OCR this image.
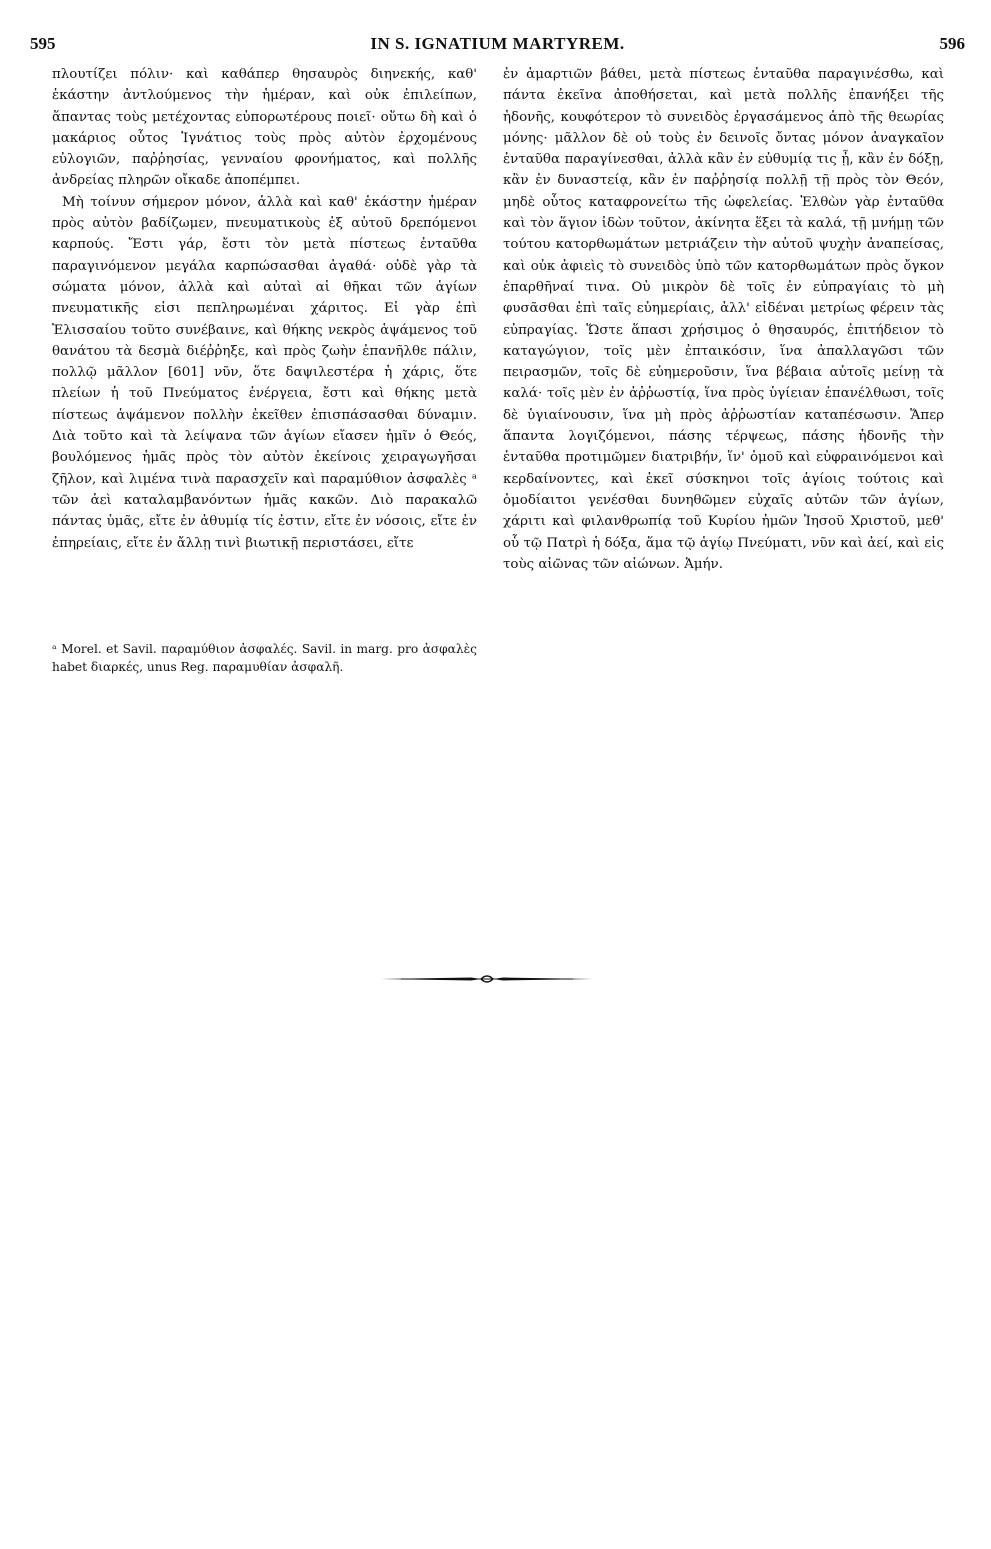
595	IN S. IGNATIUM MARTYREM.	596

πλουτίζει πόλιν· καὶ καθάπερ θησαυρὸς διηνεκής, καθ' ἑκάστην ἀντλούμενος τὴν ἡμέραν, καὶ οὐκ ἐπιλείπων, ἅπαντας τοὺς μετέχοντας εὐπορωτέρους ποιεῖ· οὕτω δὴ καὶ ὁ μακάριος οὗτος Ἰγνάτιος τοὺς πρὸς αὐτὸν ἐρχομένους εὐλογιῶν, παῤῥησίας, γενναίου φρονήματος, καὶ πολλῆς ἀνδρείας πληρῶν οἴκαδε ἀποπέμπει.

Μὴ τοίνυν σήμερον μόνον, ἀλλὰ καὶ καθ' ἑκάστην ἡμέραν πρὸς αὐτὸν βαδίζωμεν, πνευματικοὺς ἐξ αὐτοῦ δρεπόμενοι καρπούς. Ἔστι γάρ, ἔστι τὸν μετὰ πίστεως ἐνταῦθα παραγινόμενον μεγάλα καρπώσασθαι ἀγαθά· οὐδὲ γὰρ τὰ σώματα μόνον, ἀλλὰ καὶ αὐταὶ αἱ θῆκαι τῶν ἁγίων πνευματικῆς εἰσι πεπληρωμέναι χάριτος. Εἰ γὰρ ἐπὶ Ἐλισσαίου τοῦτο συνέβαινε, καὶ θήκης νεκρὸς ἁψάμενος τοῦ θανάτου τὰ δεσμὰ διέῤῥηξε, καὶ πρὸς ζωὴν ἐπανῆλθε πάλιν, πολλῷ μᾶλλον [601] νῦν, ὅτε δαψιλεστέρα ἡ χάρις, ὅτε πλείων ἡ τοῦ Πνεύματος ἐνέργεια, ἔστι καὶ θήκης μετὰ πίστεως ἁψάμενον πολλὴν ἐκεῖθεν ἐπισπάσασθαι δύναμιν. Διὰ τοῦτο καὶ τὰ λείψανα τῶν ἁγίων εἴασεν ἡμῖν ὁ Θεός, βουλόμενος ἡμᾶς πρὸς τὸν αὐτὸν ἐκείνοις χειραγωγῆσαι ζῆλον, καὶ λιμένα τινὰ παρασχεῖν καὶ παραμύθιον ἀσφαλὲς ᵃ τῶν ἀεὶ καταλαμβανόντων ἡμᾶς κακῶν. Διὸ παρακαλῶ πάντας ὑμᾶς, εἴτε ἐν ἀθυμίᾳ τίς ἐστιν, εἴτε ἐν νόσοις, εἴτε ἐν ἐπηρείαις, εἴτε ἐν ἄλλῃ τινὶ βιωτικῇ περιστάσει, εἴτε

ᵃ Morel. et Savil. παραμύθιον ἀσφαλές. Savil. in marg. pro ἀσφαλὲς habet διαρκές, unus Reg. παραμυθίαν ἀσφαλῆ.

ἐν ἁμαρτιῶν βάθει, μετὰ πίστεως ἐνταῦθα παραγινέσθω, καὶ πάντα ἐκεῖνα ἀποθήσεται, καὶ μετὰ πολλῆς ἐπανήξει τῆς ἡδονῆς, κουφότερον τὸ συνειδὸς ἐργασάμενος ἀπὸ τῆς θεωρίας μόνης· μᾶλλον δὲ οὐ τοὺς ἐν δεινοῖς ὄντας μόνον ἀναγκαῖον ἐνταῦθα παραγίνεσθαι, ἀλλὰ κἂν ἐν εὐθυμίᾳ τις ᾖ, κἂν ἐν δόξῃ, κἂν ἐν δυναστείᾳ, κἂν ἐν παῤῥησίᾳ πολλῇ τῇ πρὸς τὸν Θεόν, μηδὲ οὗτος καταφρονείτω τῆς ὠφελείας. Ἐλθὼν γὰρ ἐνταῦθα καὶ τὸν ἅγιον ἰδὼν τοῦτον, ἀκίνητα ἕξει τὰ καλά, τῇ μνήμῃ τῶν τούτου κατορθωμάτων μετριάζειν τὴν αὐτοῦ ψυχὴν ἀναπείσας, καὶ οὐκ ἀφιεὶς τὸ συνειδὸς ὑπὸ τῶν κατορθωμάτων πρὸς ὄγκον ἐπαρθῆναί τινα. Οὐ μικρὸν δὲ τοῖς ἐν εὐπραγίαις τὸ μὴ φυσᾶσθαι ἐπὶ ταῖς εὐημερίαις, ἀλλ' εἰδέναι μετρίως φέρειν τὰς εὐπραγίας. Ὥστε ἅπασι χρήσιμος ὁ θησαυρός, ἐπιτήδειον τὸ καταγώγιον, τοῖς μὲν ἐπταικόσιν, ἵνα ἀπαλλαγῶσι τῶν πειρασμῶν, τοῖς δὲ εὐημεροῦσιν, ἵνα βέβαια αὐτοῖς μείνῃ τὰ καλά· τοῖς μὲν ἐν ἀῤῥωστίᾳ, ἵνα πρὸς ὑγίειαν ἐπανέλθωσι, τοῖς δὲ ὑγιαίνουσιν, ἵνα μὴ πρὸς ἀῤῥωστίαν καταπέσωσιν. Ἅπερ ἅπαντα λογιζόμενοι, πάσης τέρψεως, πάσης ἡδονῆς τὴν ἐνταῦθα προτιμῶμεν διατριβήν, ἵν' ὁμοῦ καὶ εὐφραινόμενοι καὶ κερδαίνοντες, καὶ ἐκεῖ σύσκηνοι τοῖς ἁγίοις τούτοις καὶ ὁμοδίαιτοι γενέσθαι δυνηθῶμεν εὐχαῖς αὐτῶν τῶν ἁγίων, χάριτι καὶ φιλανθρωπίᾳ τοῦ Κυρίου ἡμῶν Ἰησοῦ Χριστοῦ, μεθ' οὗ τῷ Πατρὶ ἡ δόξα, ἅμα τῷ ἁγίῳ Πνεύματι, νῦν καὶ ἀεί, καὶ εἰς τοὺς αἰῶνας τῶν αἰώνων. Ἀμήν.
